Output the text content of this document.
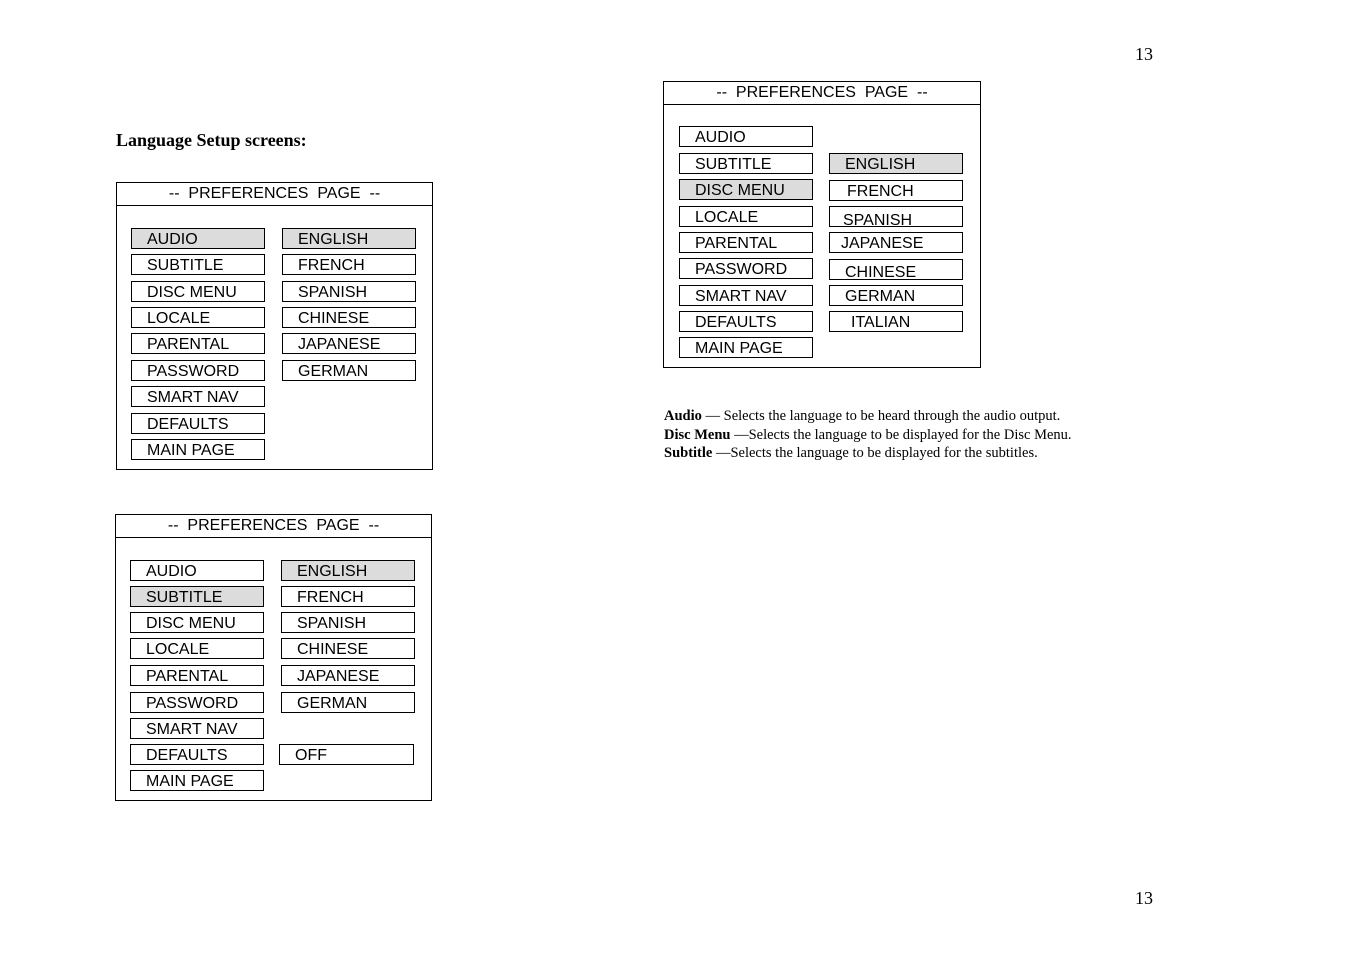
13
Language Setup screens:
--  PREFERENCES  PAGE  --
AUDIO
SUBTITLE
DISC MENU
LOCALE
PARENTAL
PASSWORD
SMART NAV
DEFAULTS
MAIN PAGE
ENGLISH
FRENCH
SPANISH
CHINESE
JAPANESE
GERMAN
--  PREFERENCES  PAGE  --
AUDIO
SUBTITLE
DISC MENU
LOCALE
PARENTAL
PASSWORD
SMART NAV
DEFAULTS
MAIN PAGE
ENGLISH
FRENCH
SPANISH
CHINESE
JAPANESE
GERMAN
OFF
--  PREFERENCES  PAGE  --
AUDIO
SUBTITLE
DISC MENU
LOCALE
PARENTAL
PASSWORD
SMART NAV
DEFAULTS
MAIN PAGE
ENGLISH
FRENCH
SPANISH
JAPANESE
CHINESE
GERMAN
ITALIAN
Audio — Selects the language to be heard through the audio output.
Disc Menu —Selects the language to be displayed for the Disc Menu.
Subtitle —Selects the language to be displayed for the subtitles.
13
